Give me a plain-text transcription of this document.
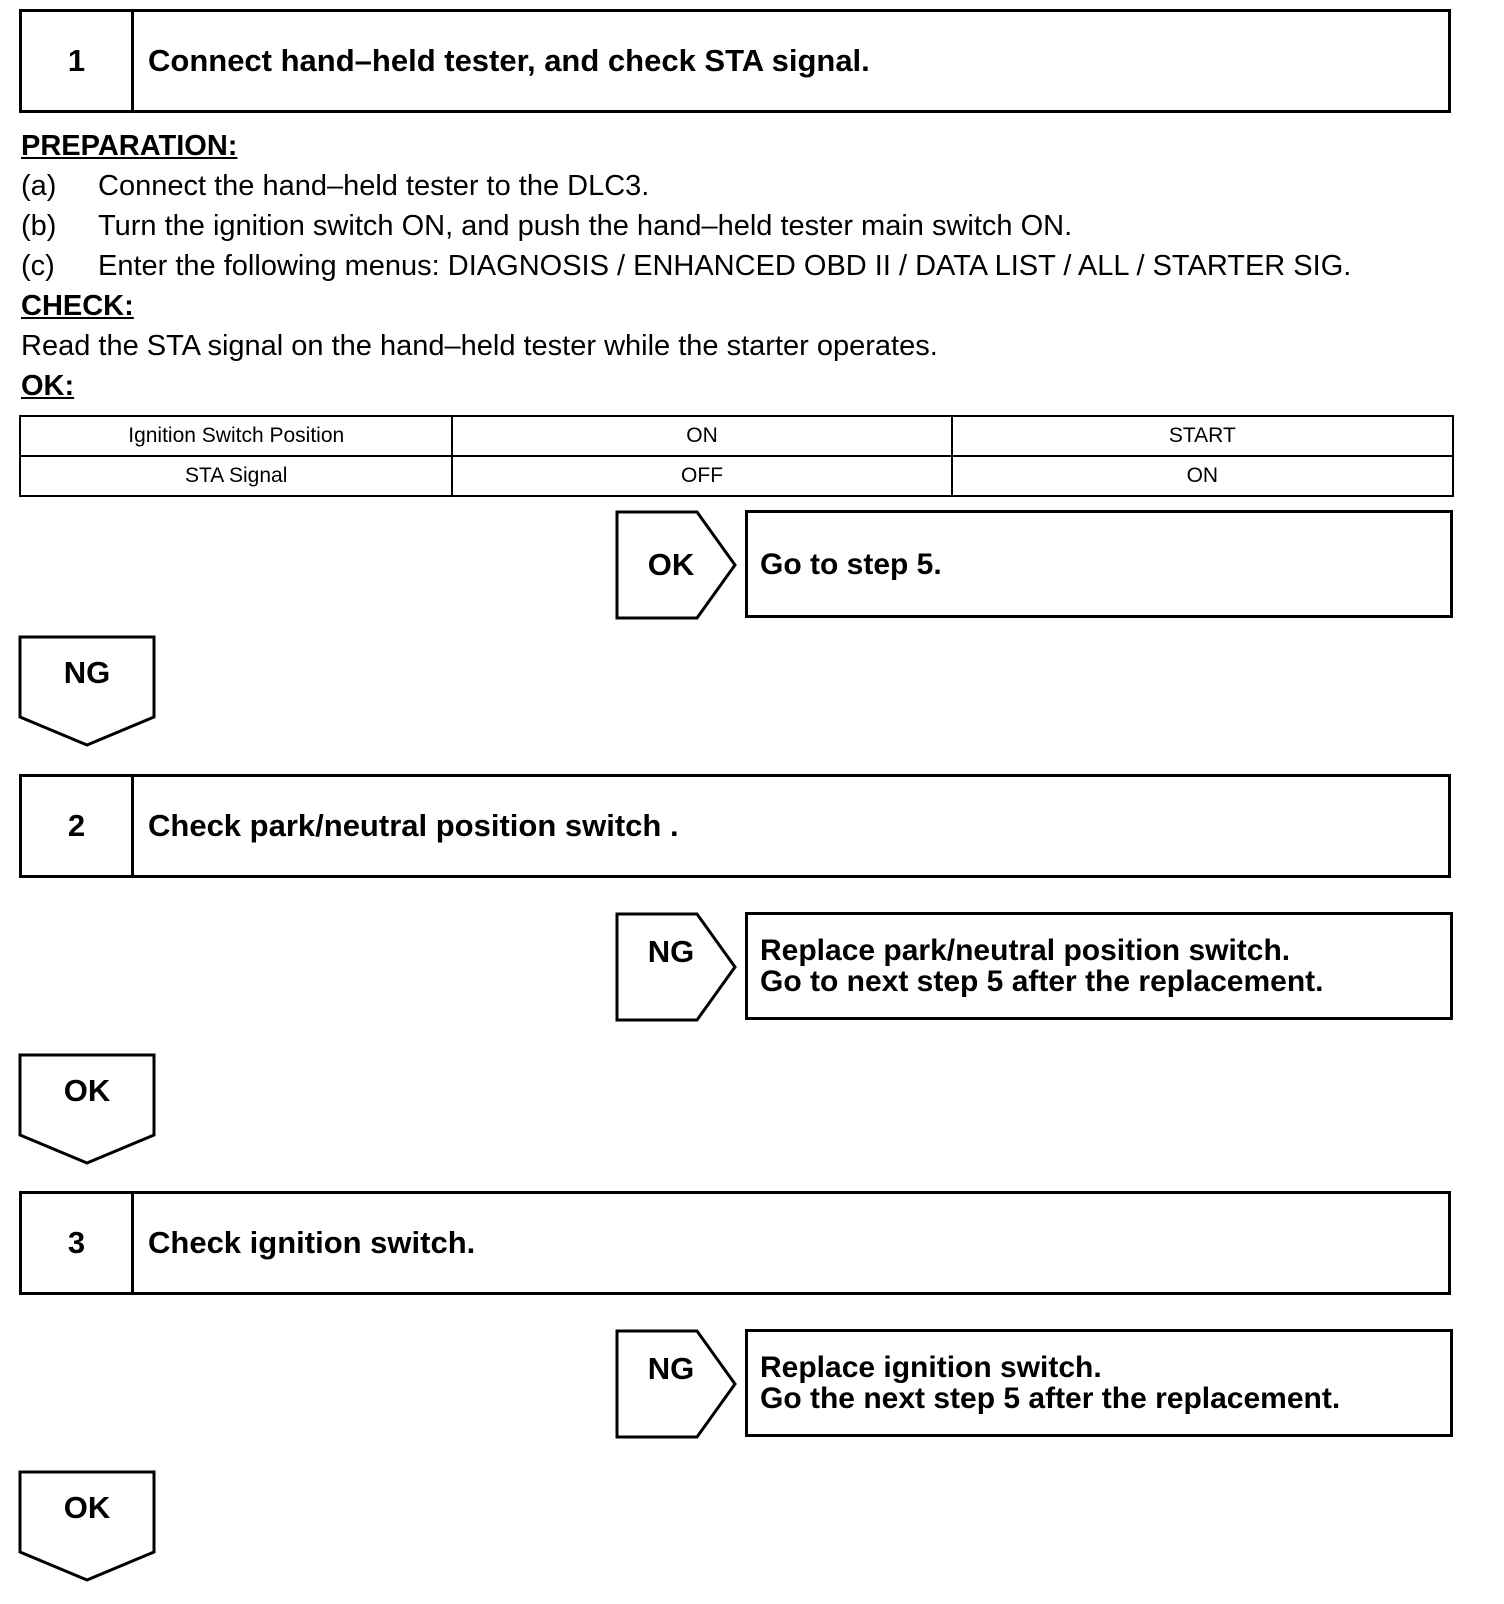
1	Connect hand–held tester, and check STA signal.
PREPARATION:
(a) Connect the hand–held tester to the DLC3.
(b) Turn the ignition switch ON, and push the hand–held tester main switch ON.
(c) Enter the following menus: DIAGNOSIS / ENHANCED OBD II / DATA LIST / ALL / STARTER SIG.
CHECK:
Read the STA signal on the hand–held tester while the starter operates.
OK:
Ignition Switch Position	ON	START
STA Signal	OFF	ON
OK	Go to step 5.
NG
2	Check park/neutral position switch .
NG	Replace park/neutral position switch.
Go to next step 5 after the replacement.
OK
3	Check ignition switch.
NG	Replace ignition switch.
Go the next step 5 after the replacement.
OK
